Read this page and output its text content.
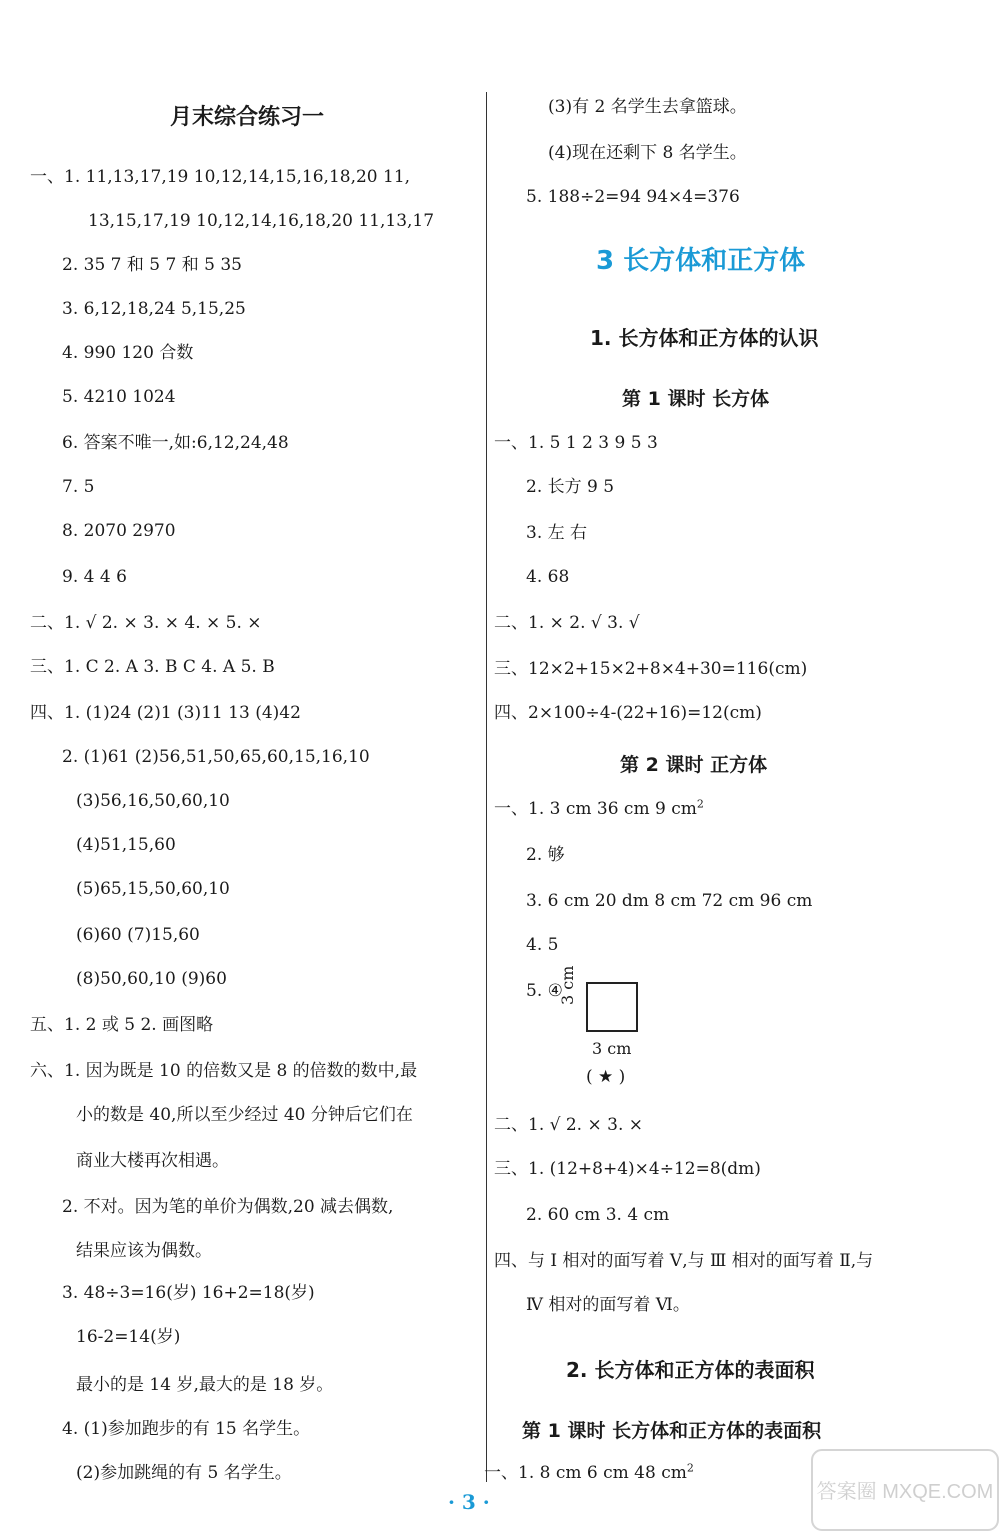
月末综合练习一
一、1. 11,13,17,19 10,12,14,15,16,18,20 11,
13,15,17,19 10,12,14,16,18,20 11,13,17
2. 35 7 和 5 7 和 5 35
3. 6,12,18,24 5,15,25
4. 990 120 合数
5. 4210 1024
6. 答案不唯一,如:6,12,24,48
7. 5
8. 2070 2970
9. 4 4 6
二、1. √ 2. × 3. × 4. × 5. ×
三、1. C 2. A 3. B C 4. A 5. B
四、1. (1)24 (2)1 (3)11 13 (4)42
2. (1)61 (2)56,51,50,65,60,15,16,10
(3)56,16,50,60,10
(4)51,15,60
(5)65,15,50,60,10
(6)60 (7)15,60
(8)50,60,10 (9)60
五、1. 2 或 5 2. 画图略
六、1. 因为既是 10 的倍数又是 8 的倍数的数中,最
小的数是 40,所以至少经过 40 分钟后它们在
商业大楼再次相遇。
2. 不对。因为笔的单价为偶数,20 减去偶数,
结果应该为偶数。
3. 48÷3=16(岁) 16+2=18(岁)
16-2=14(岁)
最小的是 14 岁,最大的是 18 岁。
4. (1)参加跑步的有 15 名学生。
(2)参加跳绳的有 5 名学生。
(3)有 2 名学生去拿篮球。
(4)现在还剩下 8 名学生。
5. 188÷2=94 94×4=376
3 长方体和正方体
1. 长方体和正方体的认识
第 1 课时 长方体
一、1. 5 1 2 3 9 5 3
2. 长方 9 5
3. 左 右
4. 68
二、1. × 2. √ 3. √
三、12×2+15×2+8×4+30=116(cm)
四、2×100÷4-(22+16)=12(cm)
第 2 课时 正方体
一、1. 3 cm 36 cm 9 $cm^2$
2. 够
3. 6 cm 20 dm 8 cm 72 cm 96 cm
4. 5
5. ④
3 cm
3 cm
( ★ )
二、1. √ 2. × 3. ×
三、1. (12+8+4)×4÷12=8(dm)
2. 60 cm 3. 4 cm
四、与 Ⅰ 相对的面写着 Ⅴ,与 Ⅲ 相对的面写着 Ⅱ,与
Ⅳ 相对的面写着 Ⅵ。
2. 长方体和正方体的表面积
第 1 课时 长方体和正方体的表面积
一、1. 8 cm 6 cm 48 $cm^2$
· 3 ·	答案圈 MXQE.COM
